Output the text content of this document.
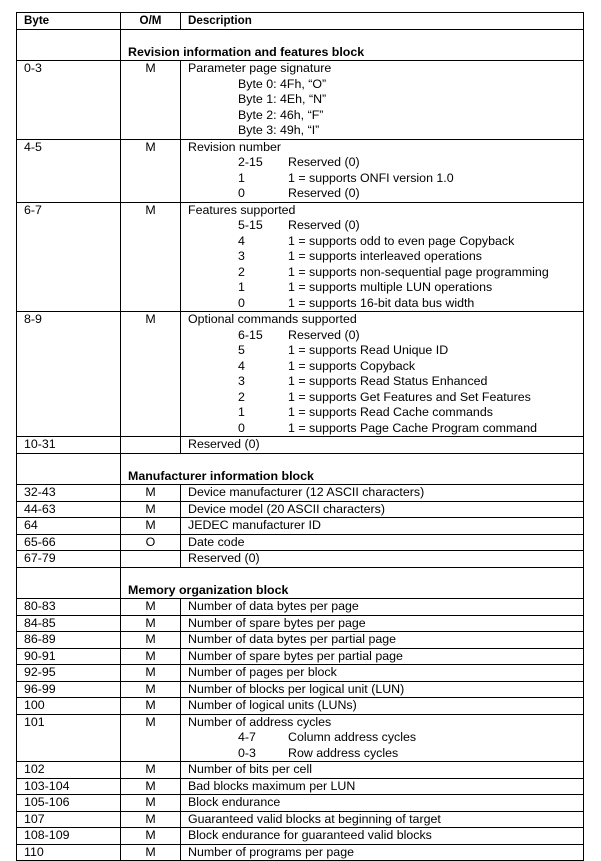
Byte	O/M	Description
	Revision information and features block	
0-3	M	Parameter page signature
Byte 0: 4Fh, “O”
Byte 1: 4Eh, “N”
Byte 2: 46h, “F”
Byte 3: 49h, “I”

4-5	M	Revision number
2-15	Reserved (0)
1	1 = supports ONFI version 1.0
0	Reserved (0)

6-7	M	Features supported
5-15	Reserved (0)
4	1 = supports odd to even page Copyback
3	1 = supports interleaved operations
2	1 = supports non-sequential page programming
1	1 = supports multiple LUN operations
0	1 = supports 16-bit data bus width

8-9	M	Optional commands supported
6-15	Reserved (0)
5	1 = supports Read Unique ID
4	1 = supports Copyback
3	1 = supports Read Status Enhanced
2	1 = supports Get Features and Set Features
1	1 = supports Read Cache commands
0	1 = supports Page Cache Program command

10-31		Reserved (0)

	Manufacturer information block	
32-43	M	Device manufacturer (12 ASCII characters)

44-63	M	Device model (20 ASCII characters)

64	M	JEDEC manufacturer ID

65-66	O	Date code

67-79		Reserved (0)

	Memory organization block	
80-83	M	Number of data bytes per page

84-85	M	Number of spare bytes per page

86-89	M	Number of data bytes per partial page

90-91	M	Number of spare bytes per partial page

92-95	M	Number of pages per block

96-99	M	Number of blocks per logical unit (LUN)

100	M	Number of logical units (LUNs)

101	M	Number of address cycles
4-7 Column address cycles
0-3 Row address cycles

102	M	Number of bits per cell

103-104	M	Bad blocks maximum per LUN

105-106	M	Block endurance

107	M	Guaranteed valid blocks at beginning of target

108-109	M	Block endurance for guaranteed valid blocks

110	M	Number of programs per page
